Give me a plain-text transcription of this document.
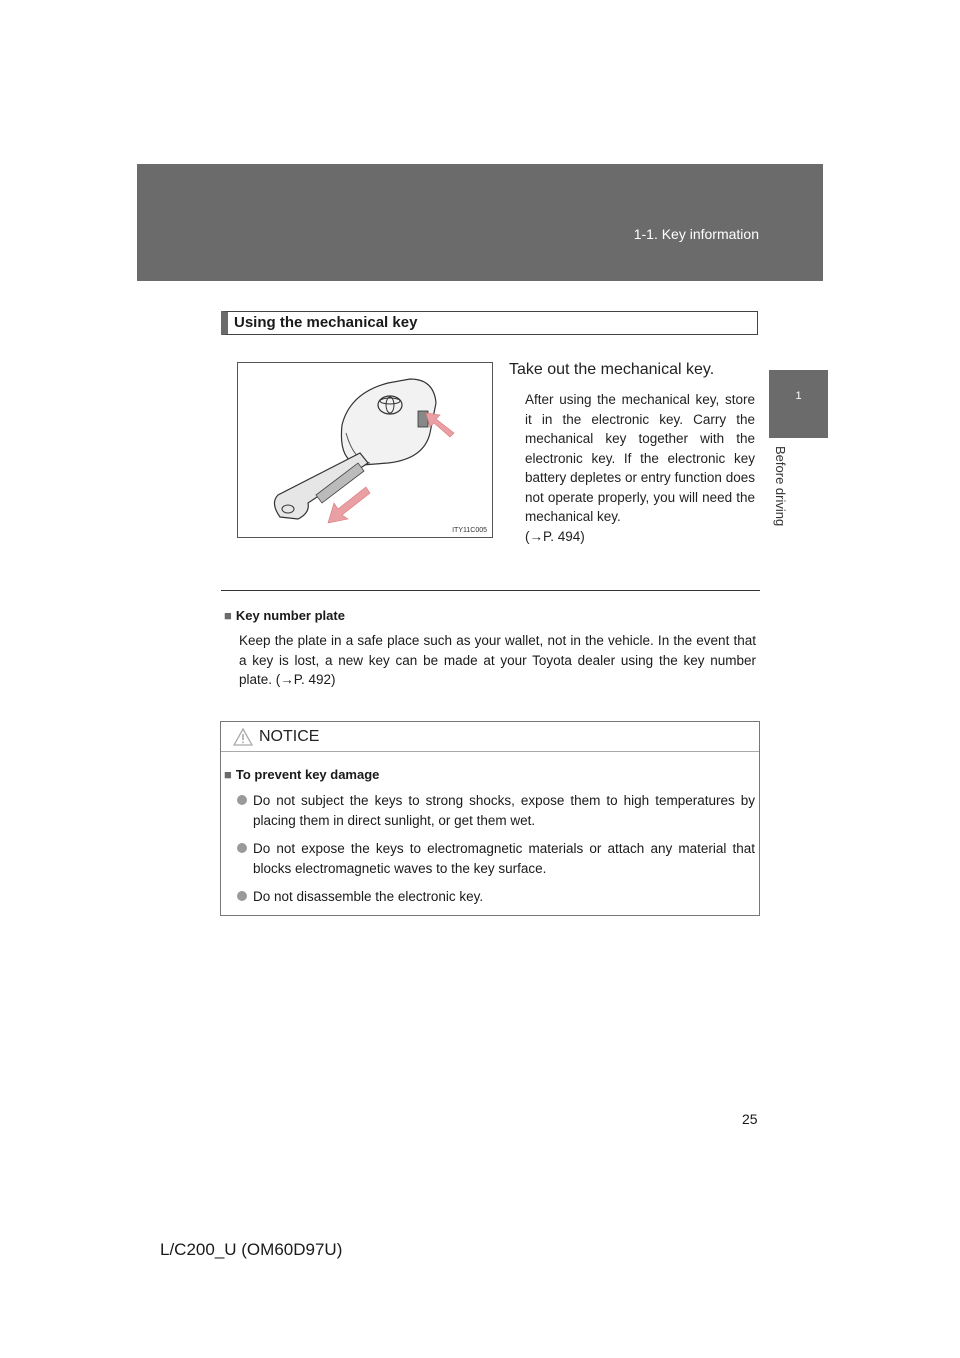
1-1. Key information
1
Before driving
Using the mechanical key
ITY11C005
Take out the mechanical key.
After using the mechanical key, store it in the electronic key. Carry the mechanical key together with the electronic key. If the electronic key battery depletes or entry function does not operate properly, you will need the mechanical key.
(→P. 494)
■ Key number plate
Keep the plate in a safe place such as your wallet, not in the vehicle. In the event that a key is lost, a new key can be made at your Toyota dealer using the key number plate. (→P. 492)
NOTICE
■ To prevent key damage
Do not subject the keys to strong shocks, expose them to high temperatures by placing them in direct sunlight, or get them wet.
Do not expose the keys to electromagnetic materials or attach any material that blocks electromagnetic waves to the key surface.
Do not disassemble the electronic key.
25
L/C200_U (OM60D97U)
